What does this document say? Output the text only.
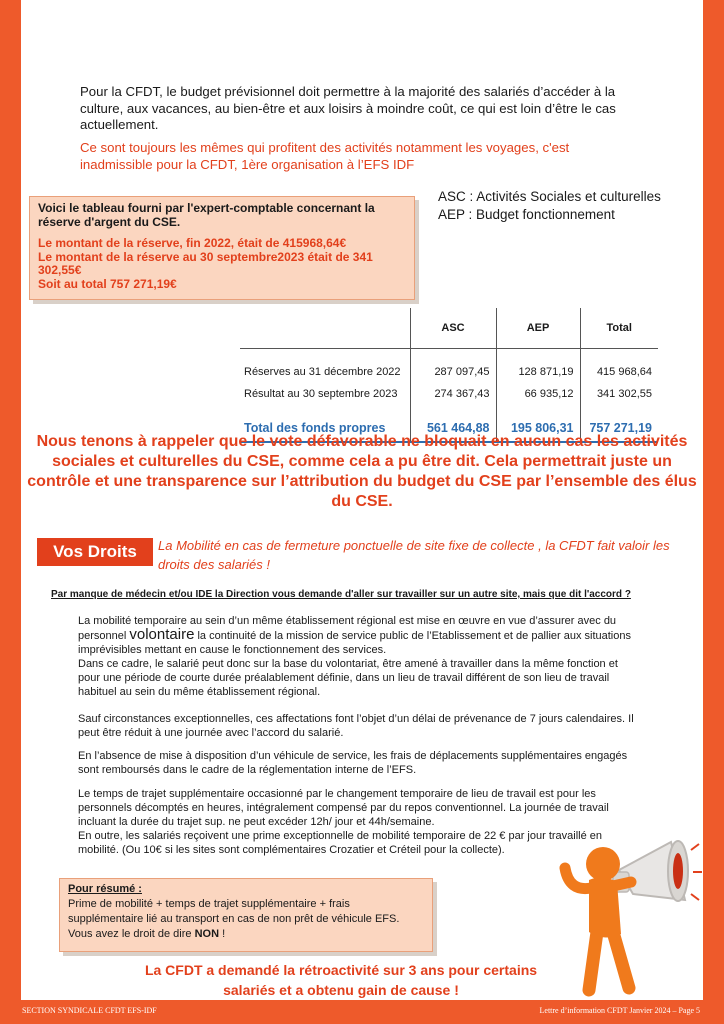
Pour la CFDT, le budget prévisionnel doit permettre à la majorité des salariés d’accéder à la culture, aux vacances, au bien-être et aux loisirs à moindre coût, ce qui est loin d’être le cas actuellement.
Ce sont toujours les mêmes qui profitent des activités notamment les voyages, c'est inadmissible pour la CFDT, 1ère organisation à l’EFS IDF
Voici le tableau fourni par l'expert-comptable concernant la réserve d'argent du CSE.
Le montant de la réserve, fin 2022, était de 415968,64€
Le montant de la réserve au 30 septembre2023 était de 341 302,55€
Soit au total 757 271,19€
ASC : Activités Sociales et culturelles
AEP : Budget fonctionnement
	ASC	AEP	Total

Réserves au 31 décembre 2022	287 097,45	128 871,19	415 968,64
Résultat au 30 septembre 2023	274 367,43	66 935,12	341 302,55

Total des fonds propres	561 464,88	195 806,31	757 271,19
Nous tenons à rappeler que le vote défavorable ne bloquait en aucun cas les activités sociales et culturelles du CSE, comme cela a pu être dit. Cela permettrait juste un contrôle et une transparence sur l’attribution du budget du CSE par l’ensemble des élus du CSE.
Vos Droits	La Mobilité en cas de fermeture ponctuelle de site fixe de collecte , la CFDT fait valoir les droits des salariés !
Par manque de médecin et/ou IDE la Direction vous demande d'aller sur travailler sur un autre site, mais que dit l'accord ?
La mobilité temporaire au sein d’un même établissement régional est mise en œuvre en vue d’assurer avec du personnel volontaire la continuité de la mission de service public de l’Etablissement et de pallier aux situations imprévisibles mettant en cause le fonctionnement des services.
Dans ce cadre, le salarié peut donc sur la base du volontariat, être amené à travailler dans la même fonction et pour une période de courte durée préalablement définie, dans un lieu de travail différent de son lieu de travail habituel au sein du même établissement régional.
Sauf circonstances exceptionnelles, ces affectations font l’objet d’un délai de prévenance de 7 jours calendaires. Il peut être réduit à une journée avec l’accord du salarié.
En l’absence de mise à disposition d’un véhicule de service, les frais de déplacements supplémentaires engagés sont remboursés dans le cadre de la réglementation interne de l’EFS.
Le temps de trajet supplémentaire occasionné par le changement temporaire de lieu de travail est pour les personnels décomptés en heures, intégralement compensé par du repos conventionnel. La journée de travail incluant la durée du trajet sup. ne peut excéder 12h/ jour et 44h/semaine.
En outre, les salariés reçoivent une prime exceptionnelle de mobilité temporaire de 22 € par jour travaillé en mobilité. (Ou 10€ si les sites sont complémentaires Crozatier et Créteil pour la collecte).
Pour résumé :
Prime de mobilité + temps de trajet supplémentaire + frais supplémentaire lié au transport en cas de non prêt de véhicule EFS.
Vous avez le droit de dire NON !
La CFDT a demandé la rétroactivité sur 3 ans pour certains salariés et a obtenu gain de cause !
SECTION SYNDICALE CFDT EFS-IDF	Lettre d’information CFDT Janvier 2024 – Page 5
